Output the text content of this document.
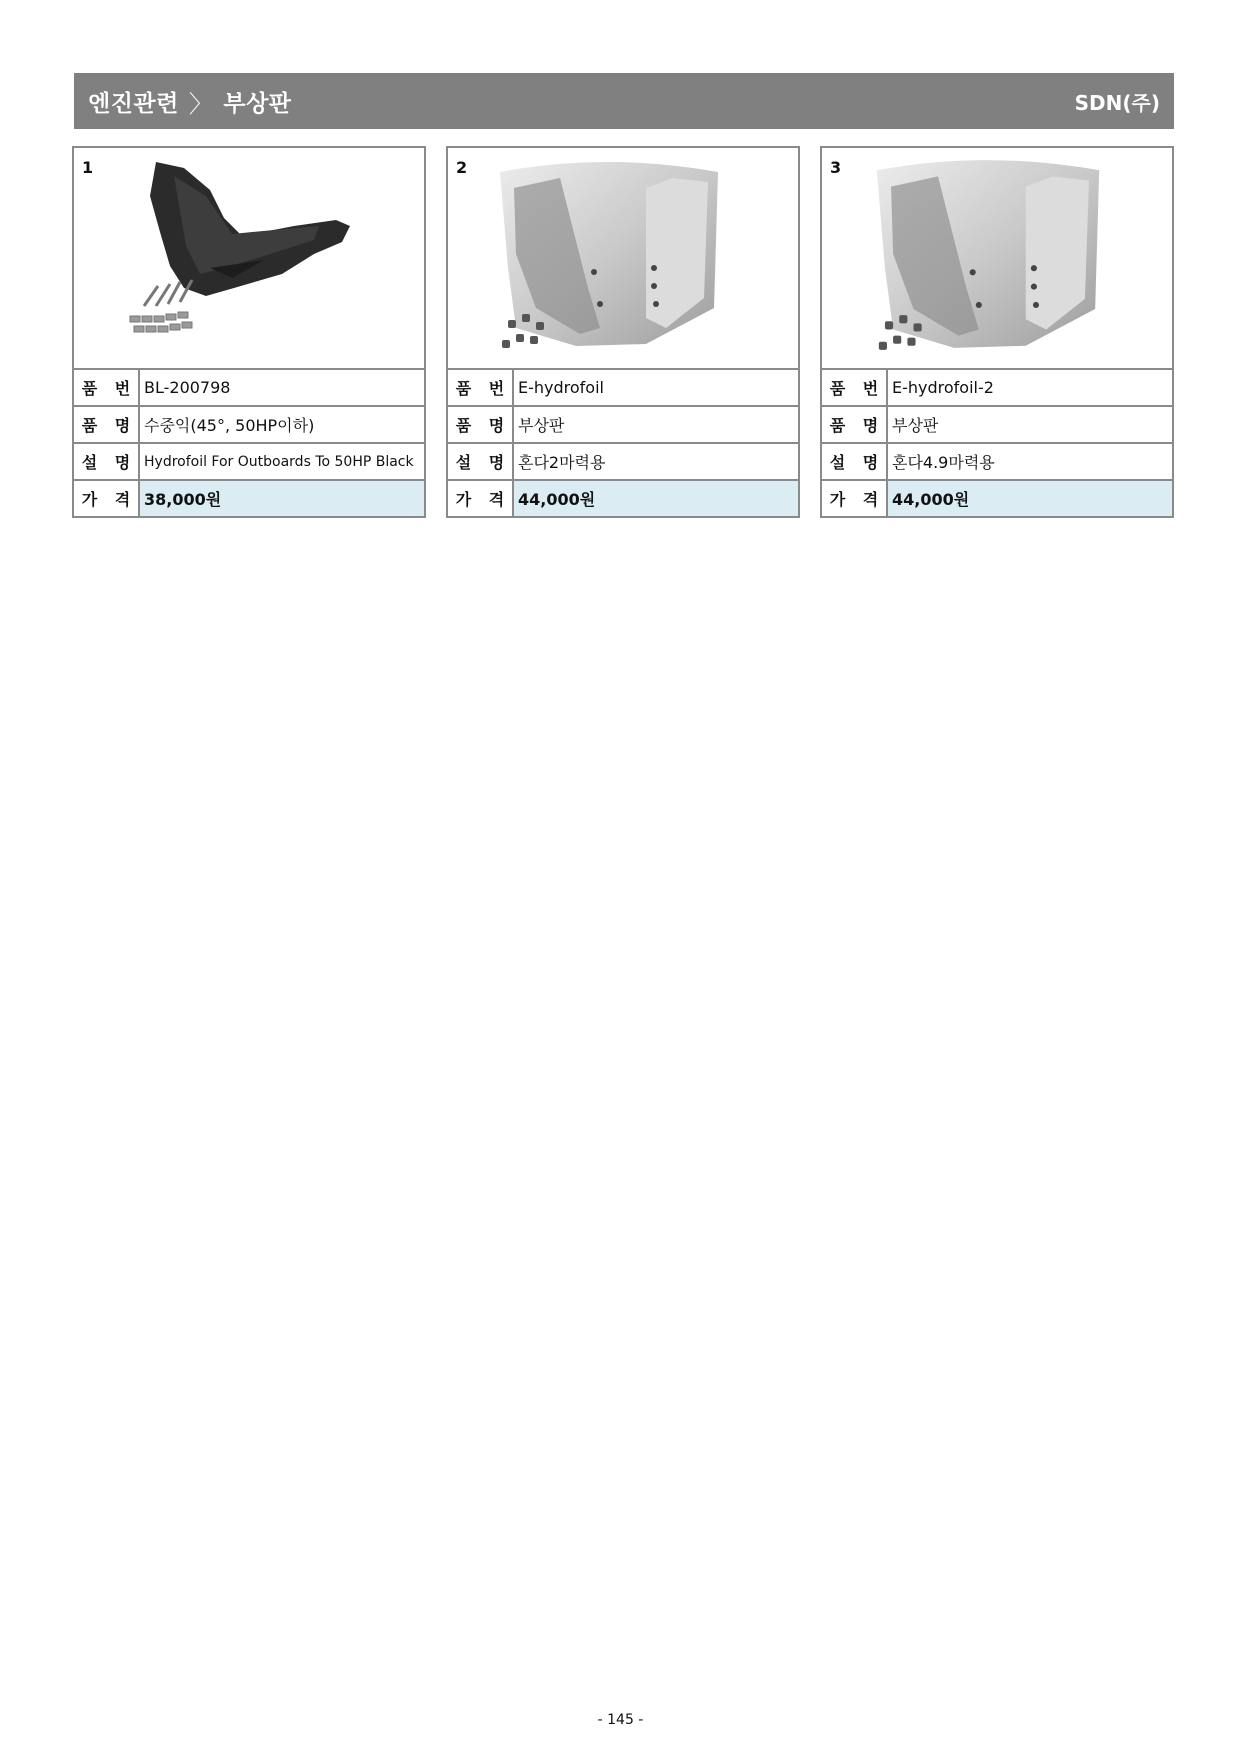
엔진관련 〉 부상판	SDN(주)
1
품 번 BL-200798
품 명 수중익(45°, 50HP이하)
설 명 Hydrofoil For Outboards To 50HP Black
가 격 38,000원
2
품 번 E-hydrofoil
품 명 부상판
설 명 혼다2마력용
가 격 44,000원
3
품 번 E-hydrofoil-2
품 명 부상판
설 명 혼다4.9마력용
가 격 44,000원
- 145 -
